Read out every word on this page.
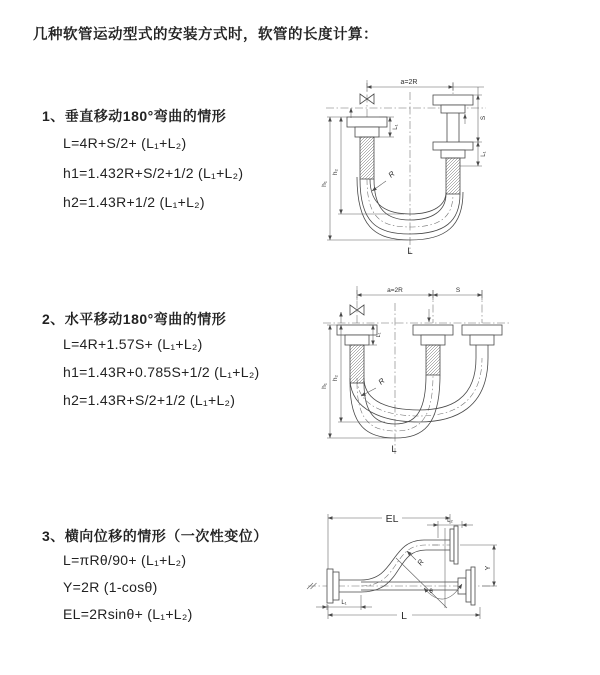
几种软管运动型式的安装方式时，软管的长度计算：
1、垂直移动180°弯曲的情形
L=4R+S/2+ (L₁+L₂)
h1=1.432R+S/2+1/2 (L₁+L₂)
h2=1.43R+1/2 (L₁+L₂)
2、水平移动180°弯曲的情形
L=4R+1.57S+ (L₁+L₂)
h1=1.43R+0.785S+1/2 (L₁+L₂)
h2=1.43R+S/2+1/2 (L₁+L₂)
3、横向位移的情形（一次性变位）
L=πRθ/90+ (L₁+L₂)
Y=2R (1-cosθ)
EL=2Rsinθ+ (L₁+L₂)
a=2R
S
L₁
h₁
h₂
L₁
R
L
a=2R	S
h₁
h₂
L₁
R
L
θ
R
EL	L₂
Y
L
L₁
